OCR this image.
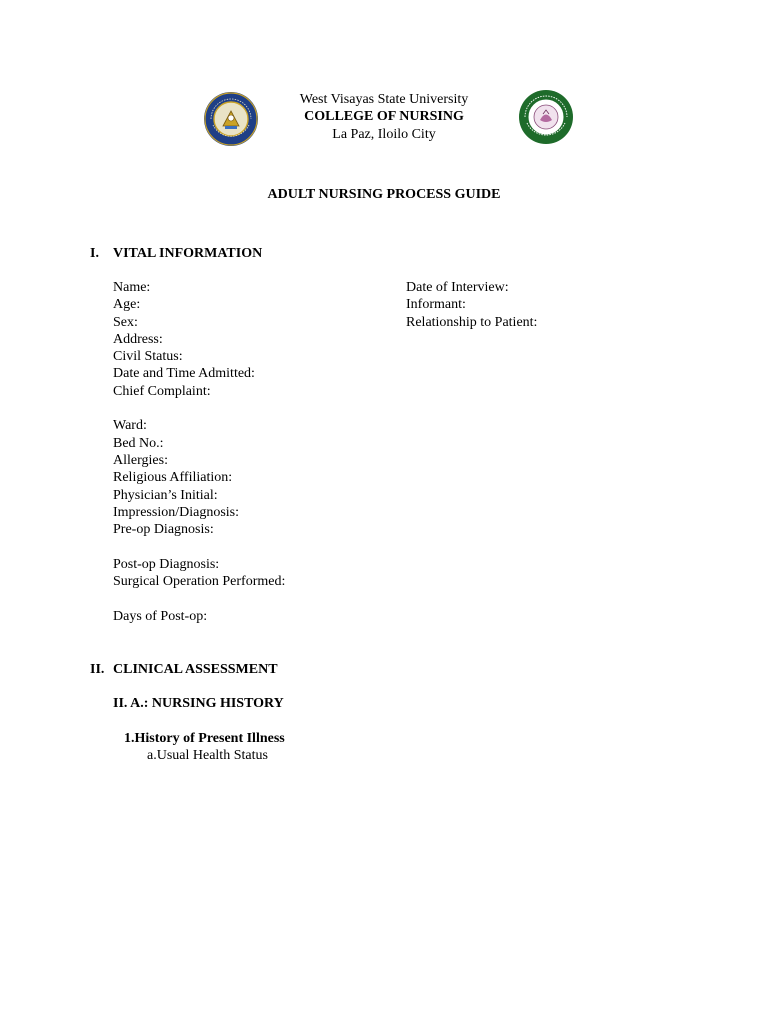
West Visayas State University
COLLEGE OF NURSING
La Paz, Iloilo City
ADULT NURSING PROCESS GUIDE
I. VITAL INFORMATION
Name:
Age:
Sex:
Address:
Civil Status:
Date and Time Admitted:
Chief Complaint:
Ward:
Bed No.:
Allergies:
Religious Affiliation:
Physician’s Initial:
Impression/Diagnosis:
Pre-op Diagnosis:
Post-op Diagnosis:
Surgical Operation Performed:
Days of Post-op:
Date of Interview:
Informant:
Relationship to Patient:
II. CLINICAL ASSESSMENT
II. A.: NURSING HISTORY
1.History of Present Illness
a.Usual Health Status
